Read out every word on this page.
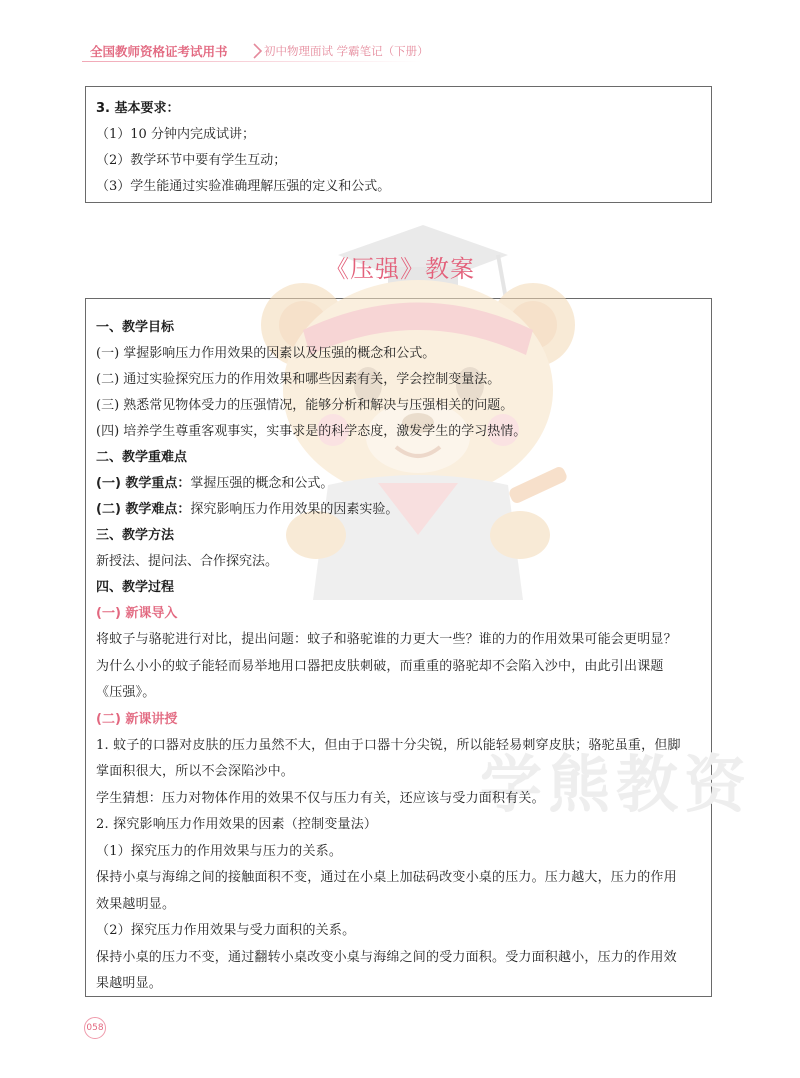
学熊教资
全国教师资格证考试用书	初中物理面试 学霸笔记（下册）
3. 基本要求：
（1）10 分钟内完成试讲；
（2）教学环节中要有学生互动；
（3）学生能通过实验准确理解压强的定义和公式。
《压强》教案
一、教学目标
(一) 掌握影响压力作用效果的因素以及压强的概念和公式。
(二) 通过实验探究压力的作用效果和哪些因素有关，学会控制变量法。
(三) 熟悉常见物体受力的压强情况，能够分析和解决与压强相关的问题。
(四) 培养学生尊重客观事实，实事求是的科学态度，激发学生的学习热情。
二、教学重难点
(一) 教学重点：掌握压强的概念和公式。
(二) 教学难点：探究影响压力作用效果的因素实验。
三、教学方法
新授法、提问法、合作探究法。
四、教学过程
(一) 新课导入
将蚊子与骆驼进行对比，提出问题：蚊子和骆驼谁的力更大一些？谁的力的作用效果可能会更明显？
为什么小小的蚊子能轻而易举地用口器把皮肤刺破，而重重的骆驼却不会陷入沙中，由此引出课题
《压强》。
(二) 新课讲授
1. 蚊子的口器对皮肤的压力虽然不大，但由于口器十分尖锐，所以能轻易刺穿皮肤；骆驼虽重，但脚
掌面积很大，所以不会深陷沙中。
学生猜想：压力对物体作用的效果不仅与压力有关，还应该与受力面积有关。
2. 探究影响压力作用效果的因素（控制变量法）
（1）探究压力的作用效果与压力的关系。
保持小桌与海绵之间的接触面积不变，通过在小桌上加砝码改变小桌的压力。压力越大，压力的作用
效果越明显。
（2）探究压力作用效果与受力面积的关系。
保持小桌的压力不变，通过翻转小桌改变小桌与海绵之间的受力面积。受力面积越小，压力的作用效
果越明显。
058
